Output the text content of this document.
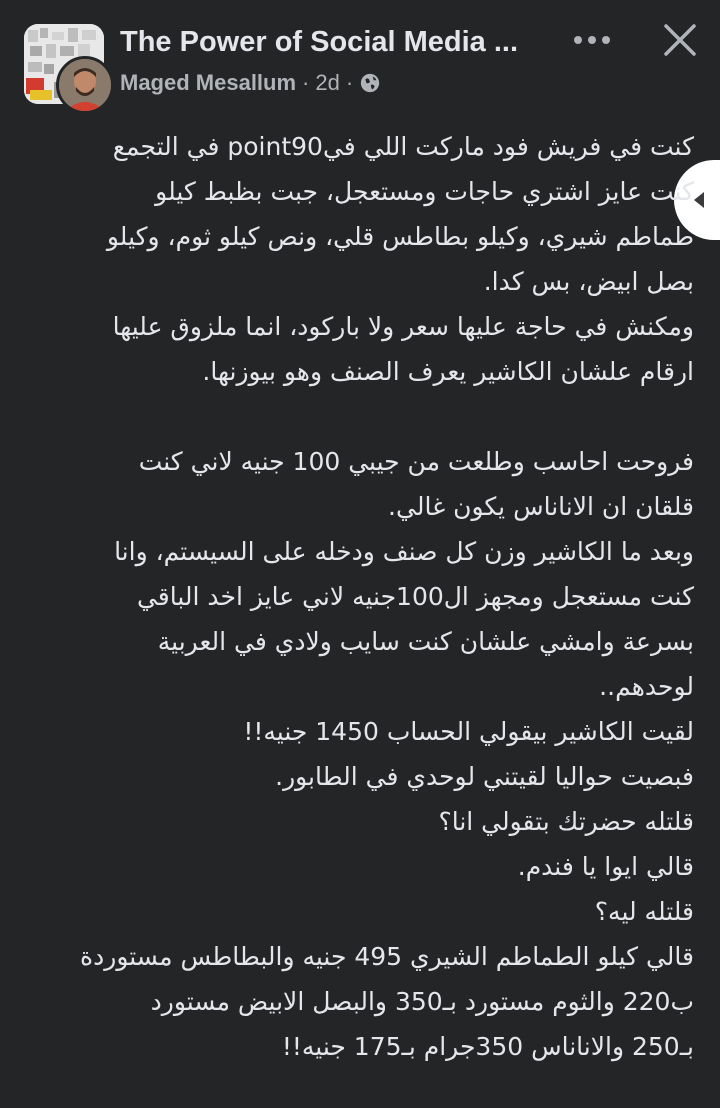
The Power of Social Media ...
Maged Mesallum · 2d ·
كنت في فريش فود ماركت اللي فيpoint90 في التجمع
كنت عايز اشتري حاجات ومستعجل، جبت بظبط كيلو
طماطم شيري، وكيلو بطاطس قلي، ونص كيلو ثوم، وكيلو
بصل ابيض، بس كدا.
ومكنش في حاجة عليها سعر ولا باركود، انما ملزوق عليها
ارقام علشان الكاشير يعرف الصنف وهو بيوزنها.
فروحت احاسب وطلعت من جيبي 100 جنيه لاني كنت
قلقان ان الاناناس يكون غالي.
وبعد ما الكاشير وزن كل صنف ودخله على السيستم، وانا
كنت مستعجل ومجهز ال100جنيه لاني عايز اخد الباقي
بسرعة وامشي علشان كنت سايب ولادي في العربية
لوحدهم..
لقيت الكاشير بيقولي الحساب 1450 جنيه!!
فبصيت حواليا لقيتني لوحدي في الطابور.
قلتله حضرتك بتقولي انا؟
قالي ايوا يا فندم.
قلتله ليه؟
قالي كيلو الطماطم الشيري 495 جنيه والبطاطس مستوردة
ب220 والثوم مستورد بـ350 والبصل الابيض مستورد
بـ250 والاناناس 350جرام بـ175 جنيه!!
